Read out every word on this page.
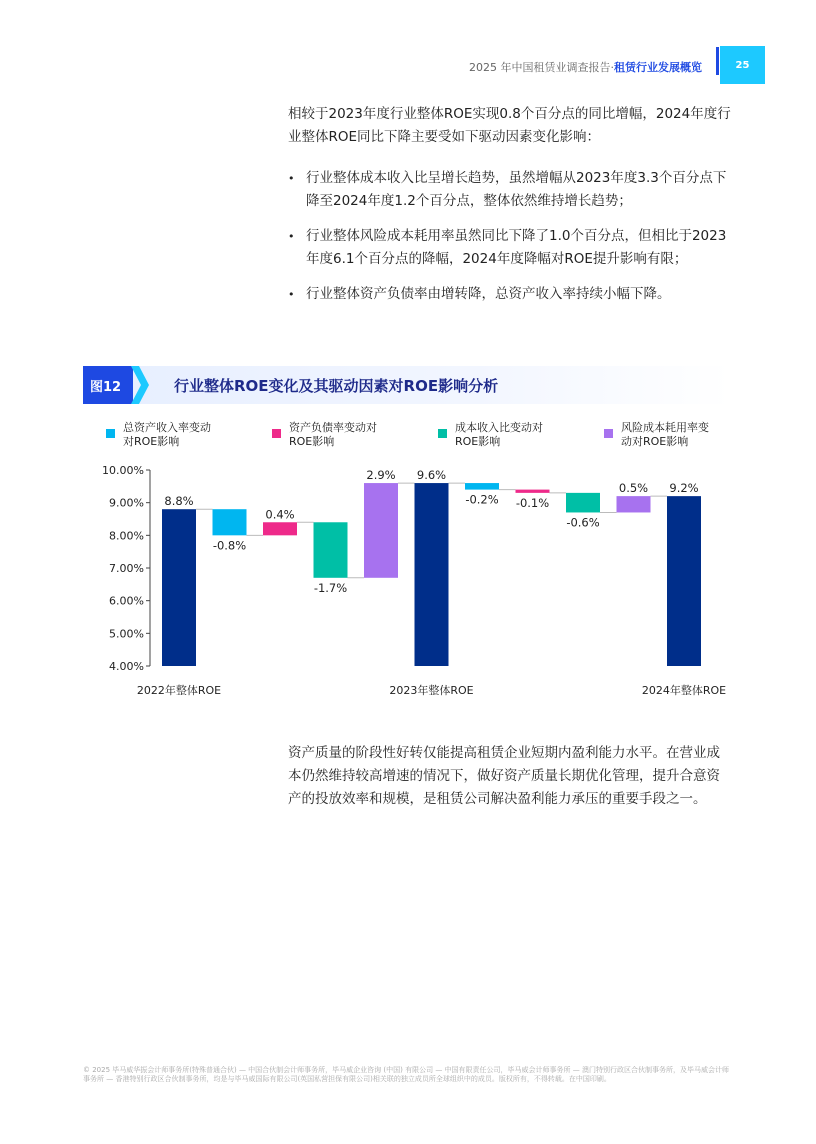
2025 年中国租赁业调查报告·租赁行业发展概览	25
相较于2023年度行业整体ROE实现0.8个百分点的同比增幅，2024年度行业整体ROE同比下降主要受如下驱动因素变化影响：
• 行业整体成本收入比呈增长趋势，虽然增幅从2023年度3.3个百分点下降至2024年度1.2个百分点，整体依然维持增长趋势；
• 行业整体风险成本耗用率虽然同比下降了1.0个百分点，但相比于2023年度6.1个百分点的降幅，2024年度降幅对ROE提升影响有限；
• 行业整体资产负债率由增转降，总资产收入率持续小幅下降。
图12	行业整体ROE变化及其驱动因素对ROE影响分析
总资产收入率变动
对ROE影响
资产负债率变动对
ROE影响
成本收入比变动对
ROE影响
风险成本耗用率变
动对ROE影响
4.00%
5.00%
6.00%
7.00%
8.00%
9.00%
10.00%
8.8%
2022年整体ROE
-0.8%
0.4%
-1.7%
2.9% 9.6%
2023年整体ROE
-0.2% -0.1%
-0.6%
0.5% 9.2%
2024年整体ROE
资产质量的阶段性好转仅能提高租赁企业短期内盈利能力水平。在营业成本仍然维持较高增速的情况下，做好资产质量长期优化管理，提升合意资产的投放效率和规模，是租赁公司解决盈利能力承压的重要手段之一。
© 2025 毕马威华振会计师事务所(特殊普通合伙) — 中国合伙制会计师事务所，毕马威企业咨询 (中国) 有限公司 — 中国有限责任公司，毕马威会计师事务所 — 澳门特别行政区合伙制事务所，及毕马威会计师事务所 — 香港特别行政区合伙制事务所，均是与毕马威国际有限公司(英国私营担保有限公司)相关联的独立成员所全球组织中的成员。版权所有，不得转载。在中国印刷。
